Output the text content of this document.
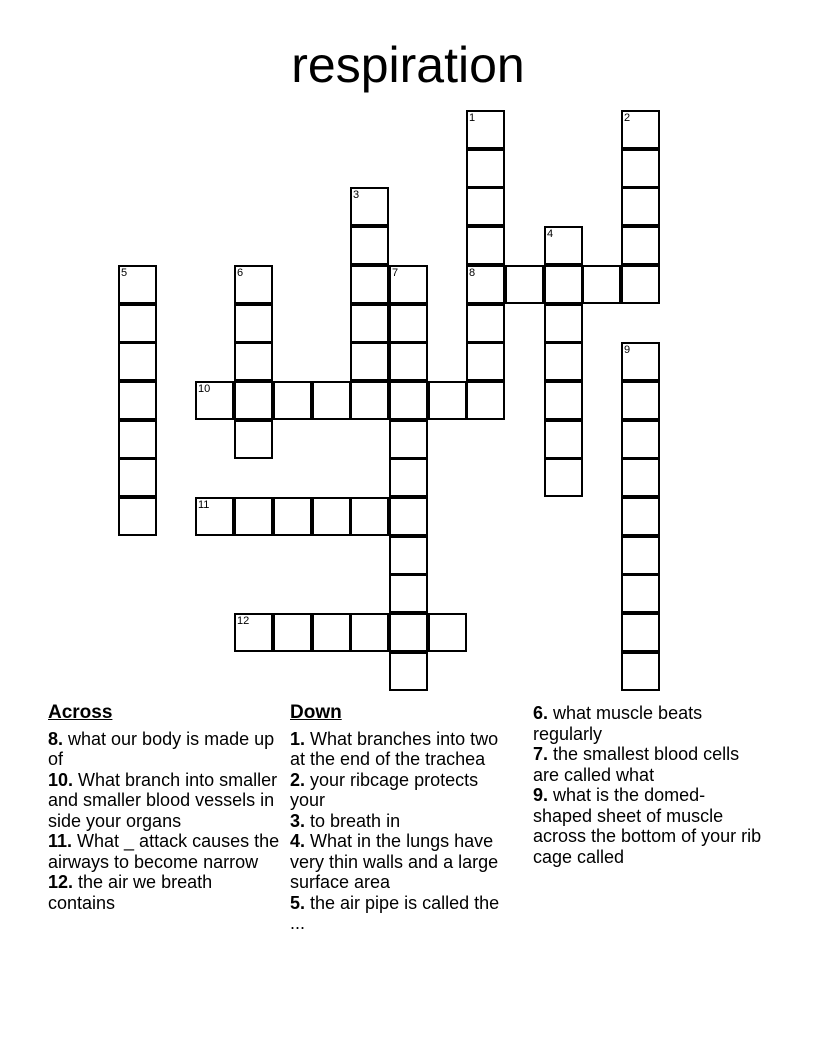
respiration
1
8
2
3
4
5	6	7
9
10
11
12
Across
8. what our body is made up of
10. What branch into smaller and smaller blood vessels in side your organs
11. What _ attack causes the airways to become narrow
12. the air we breath contains
Down
1. What branches into two at the end of the trachea
2. your ribcage protects your
3. to breath in
4. What in the lungs have very thin walls and a large surface area
5. the air pipe is called the ...
6. what muscle beats regularly
7. the smallest blood cells are called what
9. what is the domed-shaped sheet of muscle across the bottom of your rib cage called
